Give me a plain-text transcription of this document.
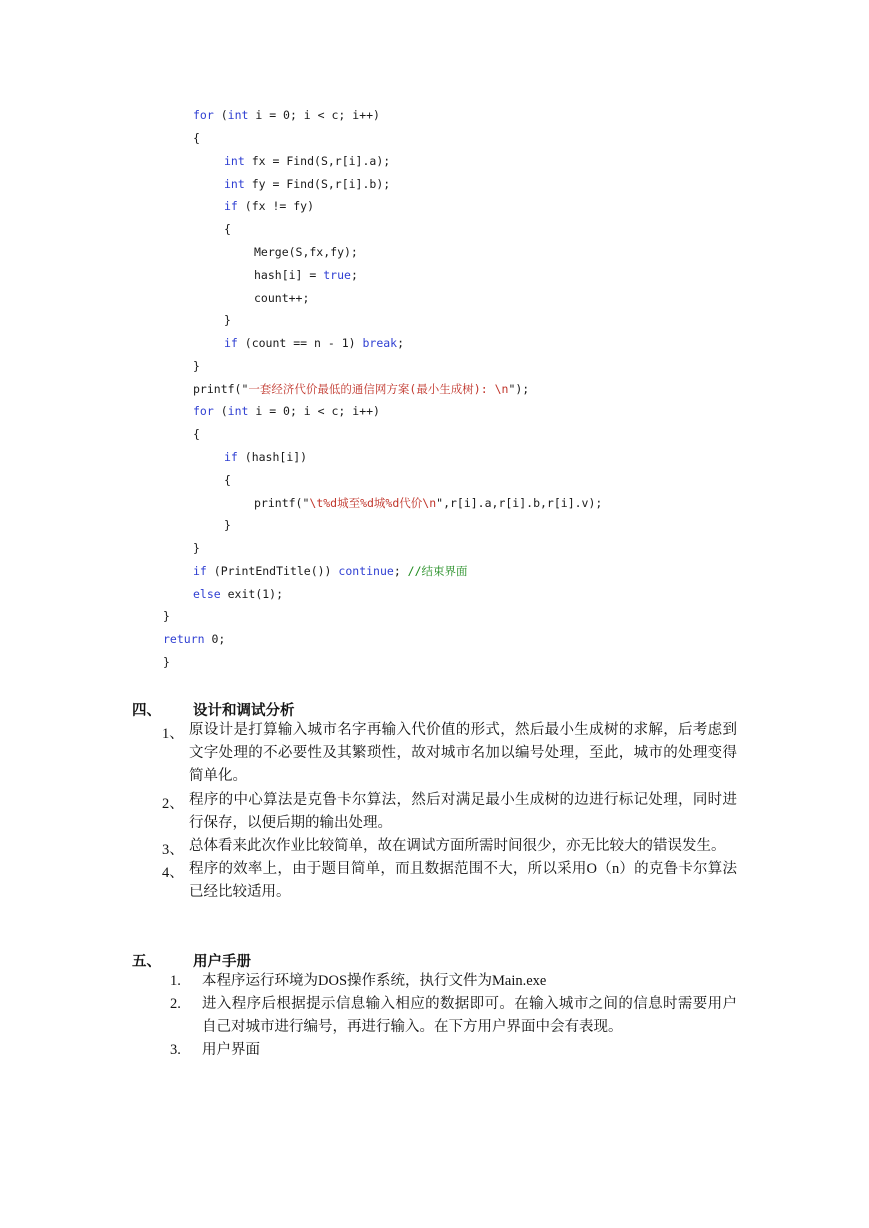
for (int i = 0; i < c; i++)
{
int fx = Find(S,r[i].a);
int fy = Find(S,r[i].b);
if (fx != fy)
{
Merge(S,fx,fy);
hash[i] = true;
count++;
}
if (count == n - 1) break;
}
printf("一套经济代价最低的通信网方案(最小生成树): \n");
for (int i = 0; i < c; i++)
{
if (hash[i])
{
printf("\t%d城至%d城%d代价\n",r[i].a,r[i].b,r[i].v);
}
}
if (PrintEndTitle()) continue; //结束界面
else exit(1);
}
return 0;
}
四、 设计和调试分析
1、 原设计是打算输入城市名字再输入代价值的形式，然后最小生成树的求解，后考虑到文字处理的不必要性及其繁琐性，故对城市名加以编号处理，至此，城市的处理变得简单化。
2、 程序的中心算法是克鲁卡尔算法，然后对满足最小生成树的边进行标记处理，同时进行保存，以便后期的输出处理。
3、 总体看来此次作业比较简单，故在调试方面所需时间很少，亦无比较大的错误发生。
4、 程序的效率上，由于题目简单，而且数据范围不大，所以采用O（n）的克鲁卡尔算法已经比较适用。
五、 用户手册
1. 本程序运行环境为DOS操作系统，执行文件为Main.exe
2. 进入程序后根据提示信息输入相应的数据即可。在输入城市之间的信息时需要用户自己对城市进行编号，再进行输入。在下方用户界面中会有表现。
3. 用户界面
